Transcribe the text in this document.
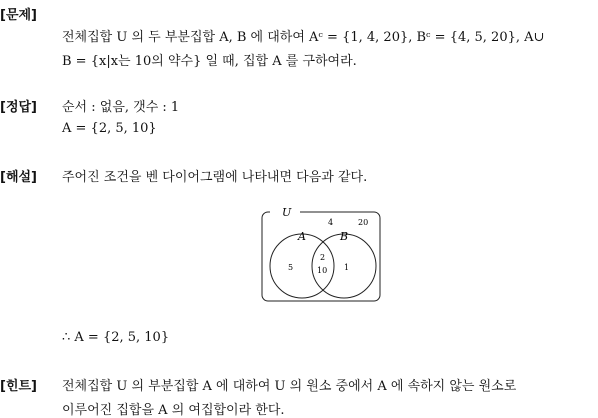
[문제]
전체집합 U 의 두 부분집합 A, B 에 대하여 Aᶜ = {1, 4, 20}, Bᶜ = {4, 5, 20}, A∪
B = {x|x는 10의 약수} 일 때, 집합 A 를 구하여라.
[정답] 순서 : 없음, 갯수 : 1
A = {2, 5, 10}
[해설] 주어진 조건을 벤 다이어그램에 나타내면 다음과 같다.
U
A	B
4	20
5
2
10 1
∴ A = {2, 5, 10}
[힌트] 전체집합 U 의 부분집합 A 에 대하여 U 의 원소 중에서 A 에 속하지 않는 원소로
이루어진 집합을 A 의 여집합이라 한다.
